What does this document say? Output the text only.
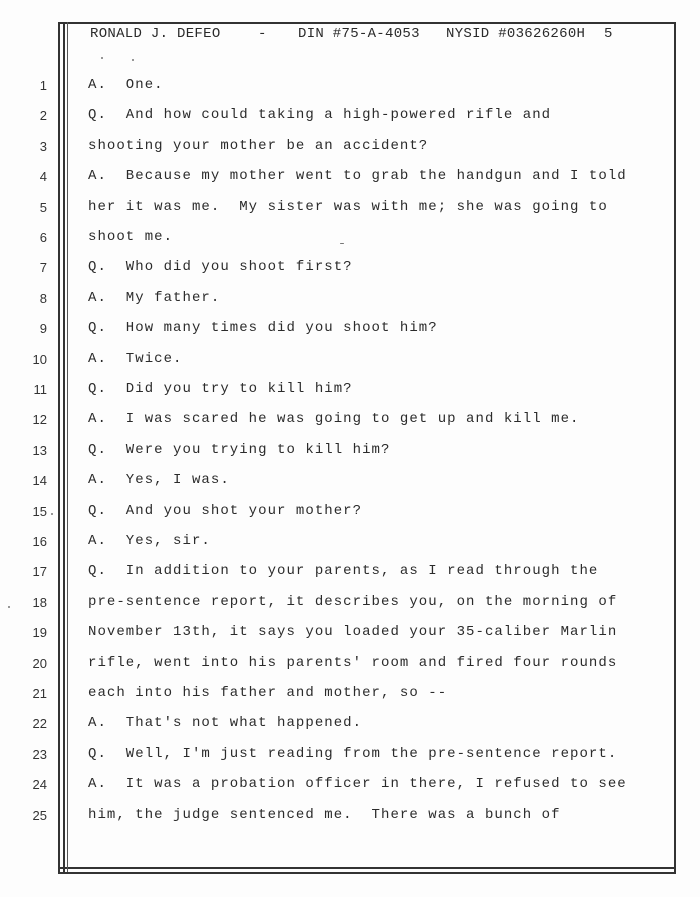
RONALD J. DEFEO	- DIN #75-A-4053 NYSID #03626260H 5
1	A.  One.
2	Q.  And how could taking a high-powered rifle and
3	shooting your mother be an accident?
4	A.  Because my mother went to grab the handgun and I told
5	her it was me.  My sister was with me; she was going to
6	shoot me.
7	Q.  Who did you shoot first?
8	A.  My father.
9	Q.  How many times did you shoot him?
10	A.  Twice.
11	Q.  Did you try to kill him?
12	A.  I was scared he was going to get up and kill me.
13	Q.  Were you trying to kill him?
14	A.  Yes, I was.
15	Q.  And you shot your mother?
16	A.  Yes, sir.
17	Q.  In addition to your parents, as I read through the
18	pre-sentence report, it describes you, on the morning of
19	November 13th, it says you loaded your 35-caliber Marlin
20	rifle, went into his parents' room and fired four rounds
21	each into his father and mother, so --
22	A.  That's not what happened.
23	Q.  Well, I'm just reading from the pre-sentence report.
24	A.  It was a probation officer in there, I refused to see
25	him, the judge sentenced me.  There was a bunch of
